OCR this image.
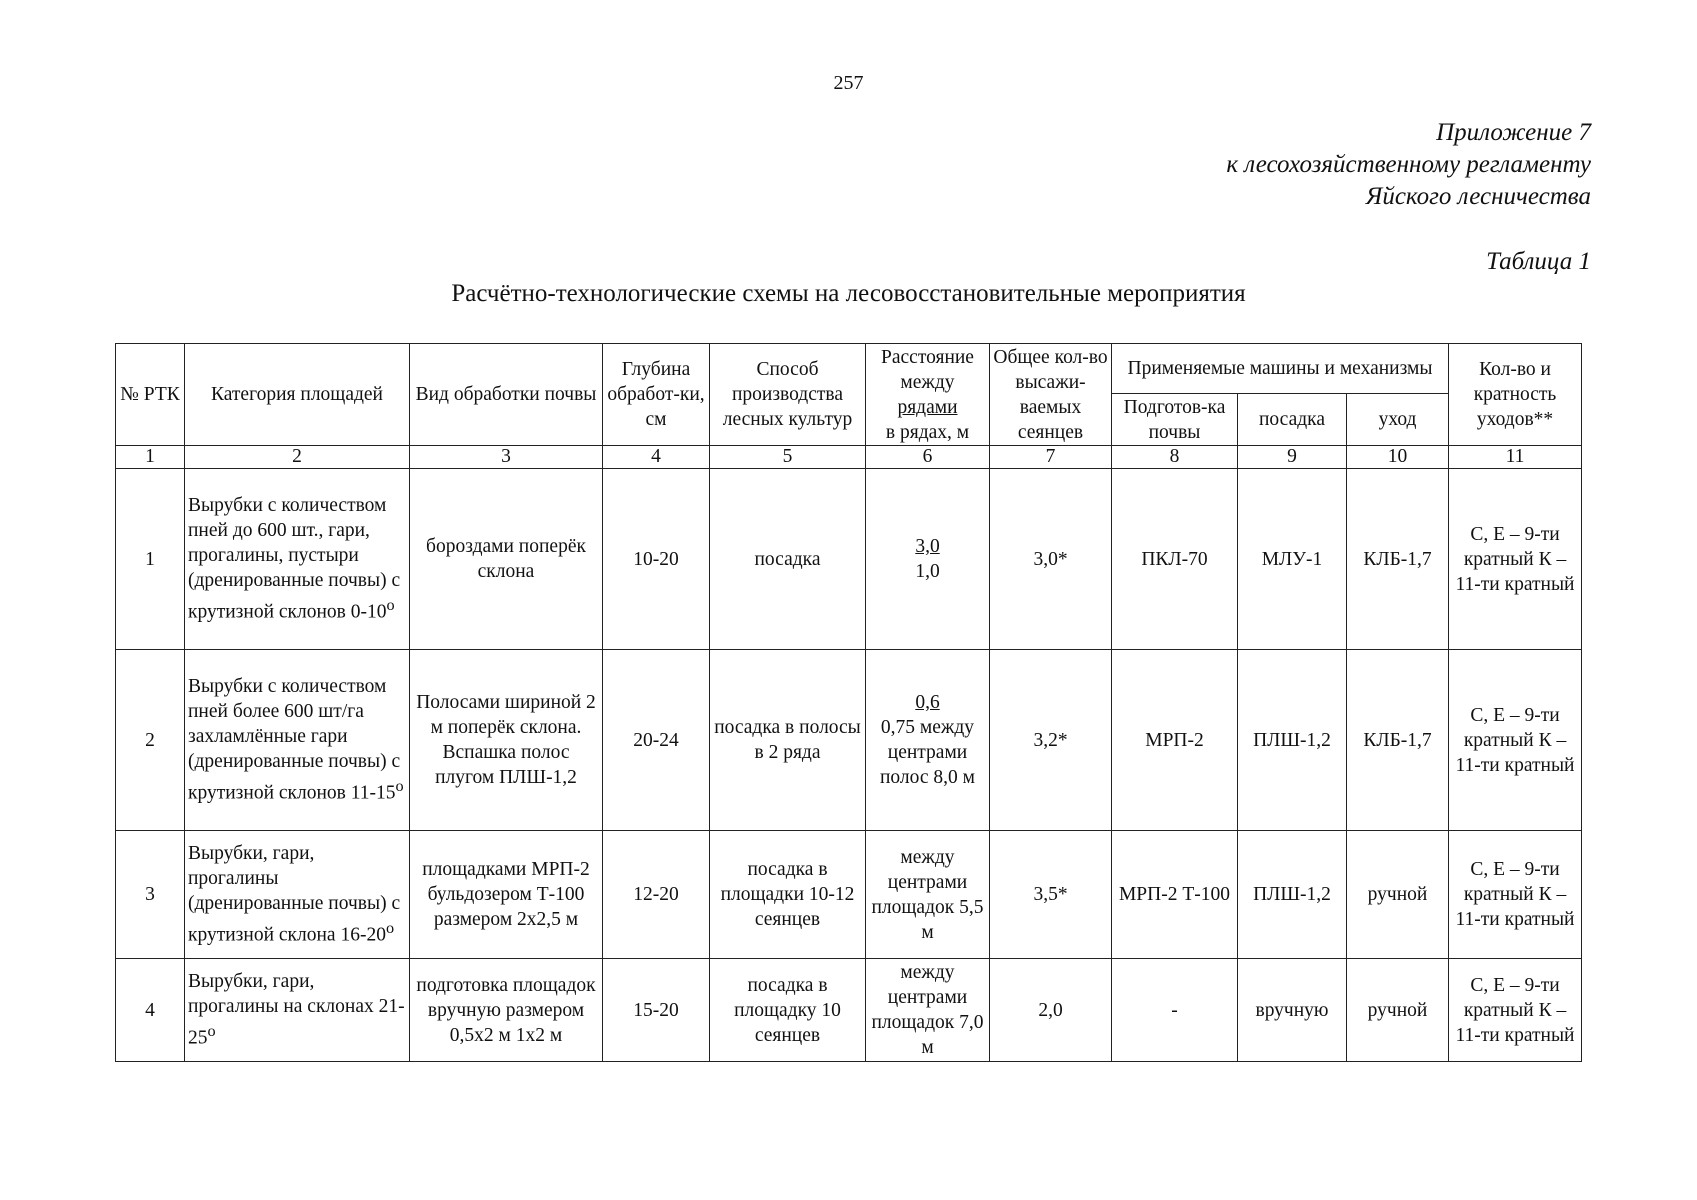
257
Приложение 7
к лесохозяйственному регламенту
Яйского лесничества
Таблица 1
Расчётно-технологические схемы на лесовосстановительные мероприятия
№ РТК	Категория площадей	Вид обработки почвы	Глубина обработ-ки, см	Способ производства лесных культур	Расстояние между
рядами
в рядах, м	Общее кол-во высажи-ваемых сеянцев	Применяемые машины и механизмы			Кол-во и кратность уходов**
							Подготов-ка почвы	посадка	уход	
1	2	3	4	5	6	7	8	9	10	11
1	Вырубки с количеством пней до 600 шт., гари, прогалины, пустыри (дренированные почвы) с крутизной склонов $0-10^о$	бороздами поперёк склона	10-20	посадка	3,0
1,0	3,0*	ПКЛ-70	МЛУ-1	КЛБ-1,7	С, Е – 9-ти кратный К – 11-ти кратный
2	Вырубки с количеством пней более 600 шт/га захламлённые гари (дренированные почвы) с крутизной склонов $11-15^о$	Полосами шириной 2 м поперёк склона. Вспашка полос плугом ПЛШ-1,2	20-24	посадка в полосы в 2 ряда	0,6
0,75 между центрами полос 8,0 м	3,2*	МРП-2	ПЛШ-1,2	КЛБ-1,7	С, Е – 9-ти кратный К – 11-ти кратный
3	Вырубки, гари, прогалины (дренированные почвы) с крутизной склона $16-20^о$	площадками МРП-2 бульдозером Т-100 размером 2х2,5 м	12-20	посадка в площадки 10-12 сеянцев	между центрами площадок 5,5 м	3,5*	МРП-2 Т-100	ПЛШ-1,2	ручной	С, Е – 9-ти кратный К – 11-ти кратный
4	Вырубки, гари, прогалины на склонах $21-25^о$	подготовка площадок вручную размером 0,5х2 м 1х2 м	15-20	посадка в площадку 10 сеянцев	между центрами площадок 7,0 м	2,0	-	вручную	ручной	С, Е – 9-ти кратный К – 11-ти кратный
